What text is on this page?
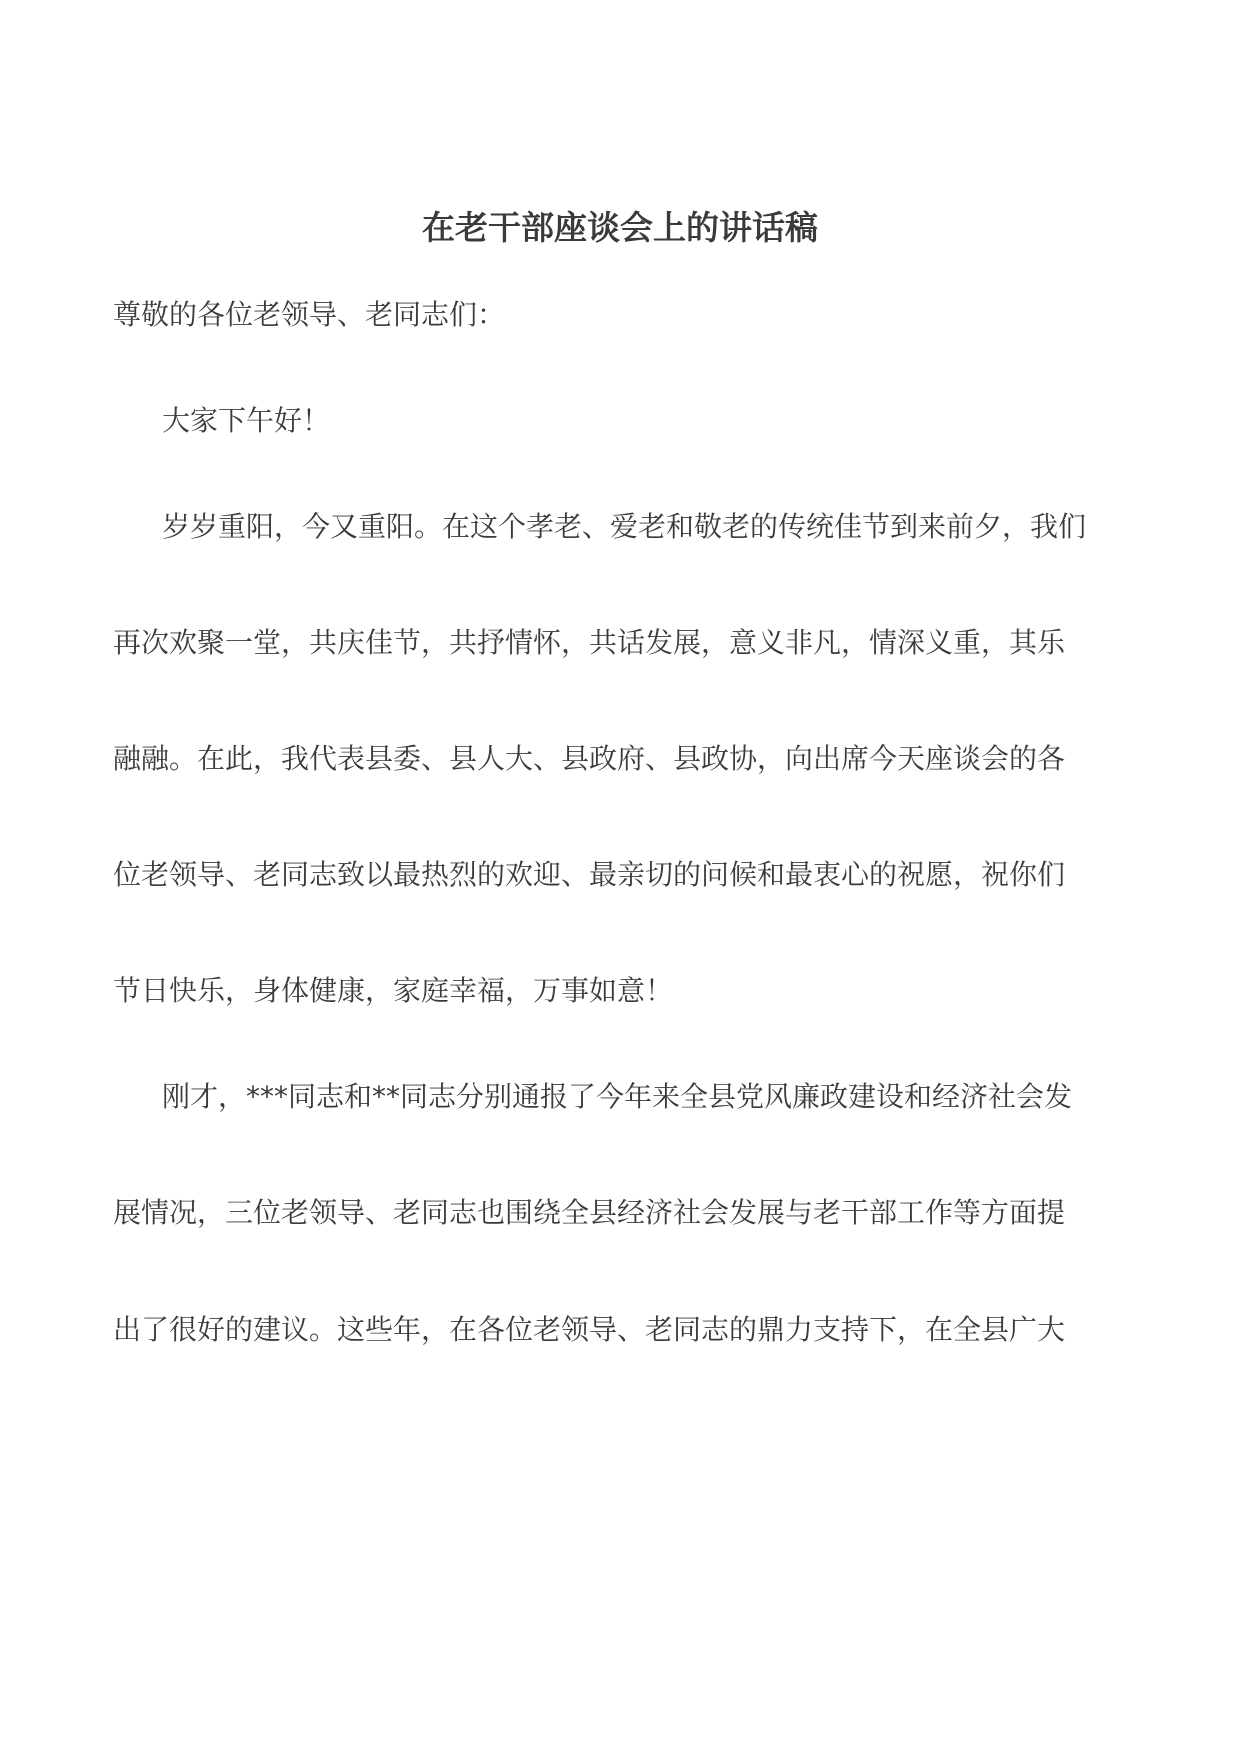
在老干部座谈会上的讲话稿
尊敬的各位老领导、老同志们：
大家下午好！
岁岁重阳，今又重阳。在这个孝老、爱老和敬老的传统佳节到来前夕，我们
再次欢聚一堂，共庆佳节，共抒情怀，共话发展，意义非凡，情深义重，其乐
融融。在此，我代表县委、县人大、县政府、县政协，向出席今天座谈会的各
位老领导、老同志致以最热烈的欢迎、最亲切的问候和最衷心的祝愿，祝你们
节日快乐，身体健康，家庭幸福，万事如意！
刚才，***同志和**同志分别通报了今年来全县党风廉政建设和经济社会发
展情况，三位老领导、老同志也围绕全县经济社会发展与老干部工作等方面提
出了很好的建议。这些年，在各位老领导、老同志的鼎力支持下，在全县广大
